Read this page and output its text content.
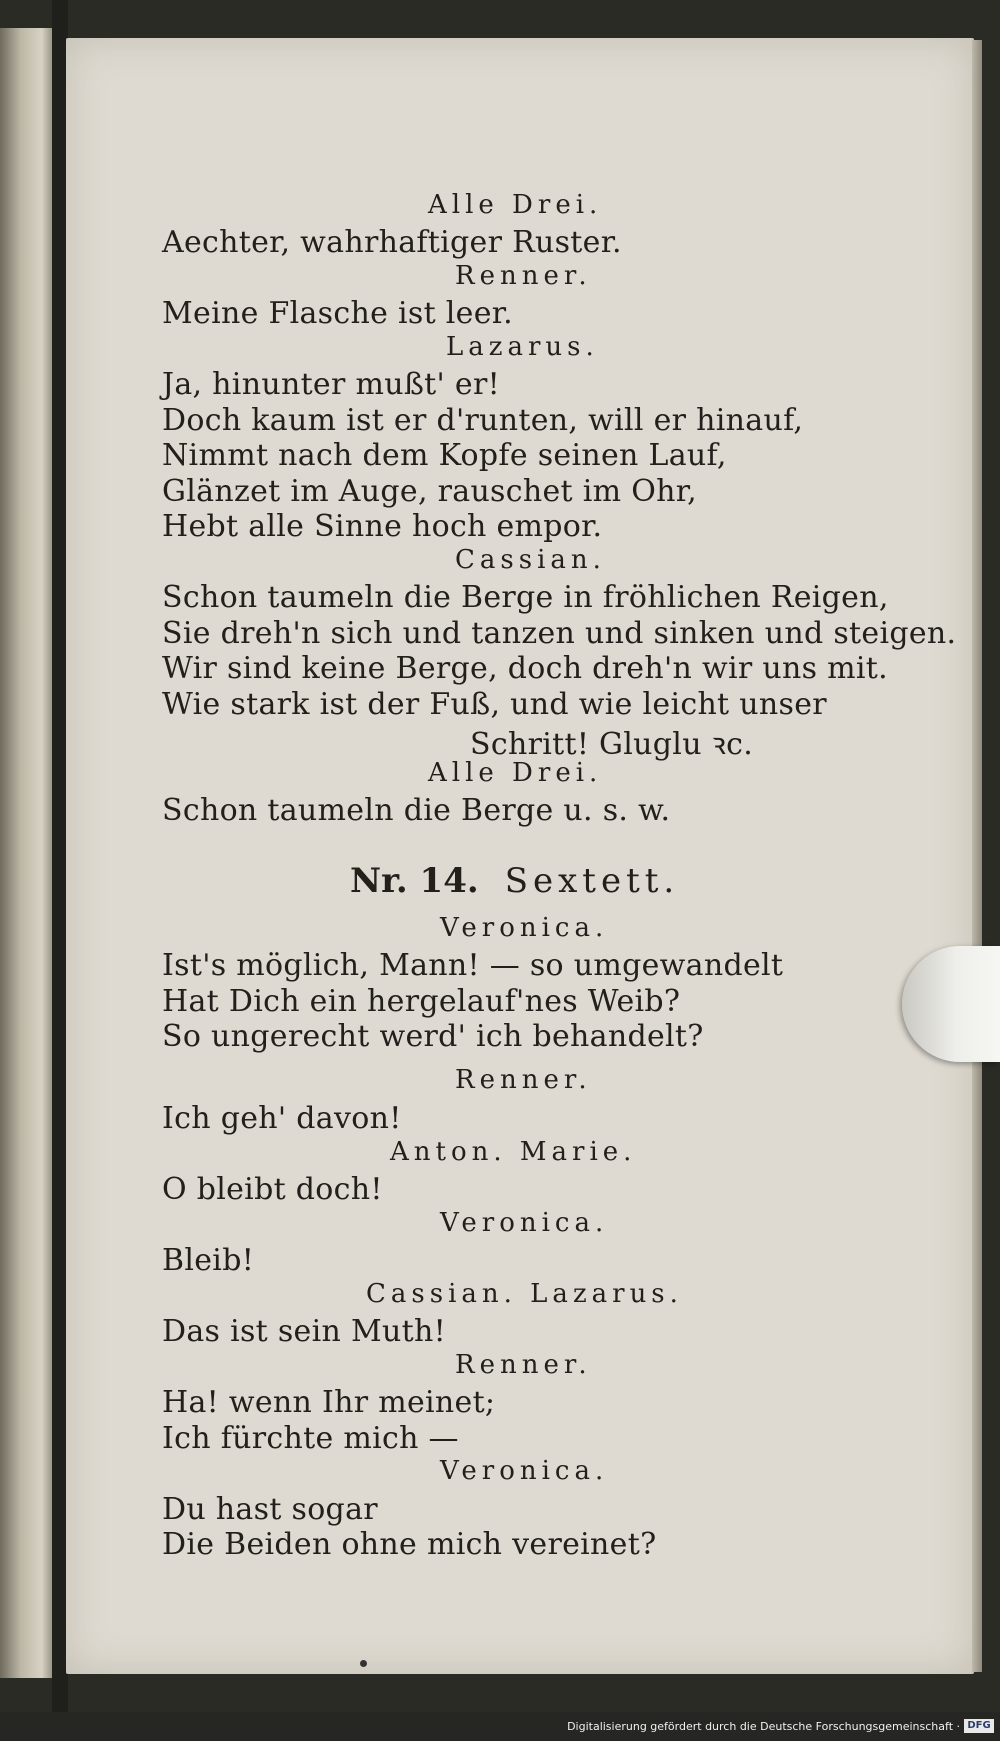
Alle Drei.
Aechter, wahrhaftiger Ruster.
Renner.
Meine Flasche ist leer.
Lazarus.
Ja, hinunter mußt' er!
Doch kaum ist er d'runten, will er hinauf,
Nimmt nach dem Kopfe seinen Lauf,
Glänzet im Auge, rauschet im Ohr,
Hebt alle Sinne hoch empor.
Cassian.
Schon taumeln die Berge in fröhlichen Reigen,
Sie dreh'n sich und tanzen und sinken und steigen.
Wir sind keine Berge, doch dreh'n wir uns mit.
Wie stark ist der Fuß, und wie leicht unser
Schritt! Gluglu ꝛc.
Alle Drei.
Schon taumeln die Berge u. s. w.
Veronica.
Ist's möglich, Mann! — so umgewandelt
Hat Dich ein hergelauf'nes Weib?
So ungerecht werd' ich behandelt?
Renner.
Ich geh' davon!
Anton. Marie.
O bleibt doch!
Veronica.
Bleib!
Cassian. Lazarus.
Das ist sein Muth!
Renner.
Ha! wenn Ihr meinet;
Ich fürchte mich —
Veronica.
Du hast sogar
Die Beiden ohne mich vereinet?
Nr. 14. Sextett.
Digitalisierung gefördert durch die Deutsche Forschungsgemeinschaft · DFG
